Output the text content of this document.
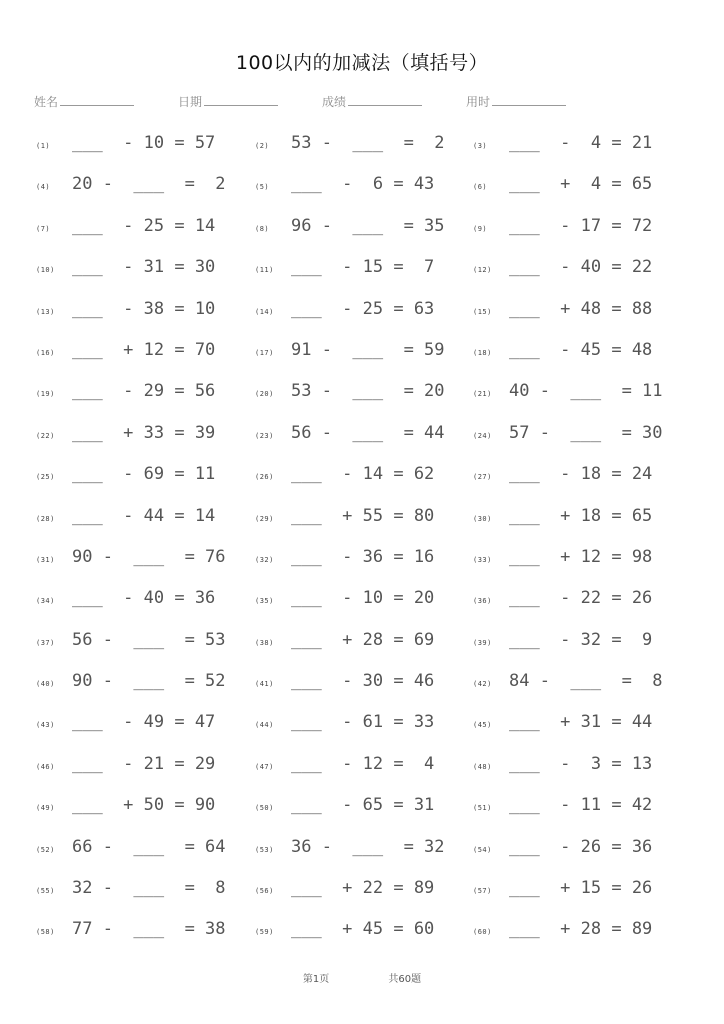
100以内的加减法（填括号）
姓名	日期	成绩	用时
(1)	___  - 10 = 57	(2)	53 -  ___  =  2	(3)	___  -  4 = 21
(4)	20 -  ___  =  2	(5)	___  -  6 = 43	(6)	___  +  4 = 65
(7)	___  - 25 = 14	(8)	96 -  ___  = 35	(9)	___  - 17 = 72
(10)	___  - 31 = 30	(11)	___  - 15 =  7	(12)	___  - 40 = 22
(13)	___  - 38 = 10	(14)	___  - 25 = 63	(15)	___  + 48 = 88
(16)	___  + 12 = 70	(17)	91 -  ___  = 59	(18)	___  - 45 = 48
(19)	___  - 29 = 56	(20)	53 -  ___  = 20	(21)	40 -  ___  = 11
(22)	___  + 33 = 39	(23)	56 -  ___  = 44	(24)	57 -  ___  = 30
(25)	___  - 69 = 11	(26)	___  - 14 = 62	(27)	___  - 18 = 24
(28)	___  - 44 = 14	(29)	___  + 55 = 80	(30)	___  + 18 = 65
(31)	90 -  ___  = 76	(32)	___  - 36 = 16	(33)	___  + 12 = 98
(34)	___  - 40 = 36	(35)	___  - 10 = 20	(36)	___  - 22 = 26
(37)	56 -  ___  = 53	(38)	___  + 28 = 69	(39)	___  - 32 =  9
(40)	90 -  ___  = 52	(41)	___  - 30 = 46	(42)	84 -  ___  =  8
(43)	___  - 49 = 47	(44)	___  - 61 = 33	(45)	___  + 31 = 44
(46)	___  - 21 = 29	(47)	___  - 12 =  4	(48)	___  -  3 = 13
(49)	___  + 50 = 90	(50)	___  - 65 = 31	(51)	___  - 11 = 42
(52)	66 -  ___  = 64	(53)	36 -  ___  = 32	(54)	___  - 26 = 36
(55)	32 -  ___  =  8	(56)	___  + 22 = 89	(57)	___  + 15 = 26
(58)	77 -  ___  = 38	(59)	___  + 45 = 60	(60)	___  + 28 = 89
第1页	共60题
